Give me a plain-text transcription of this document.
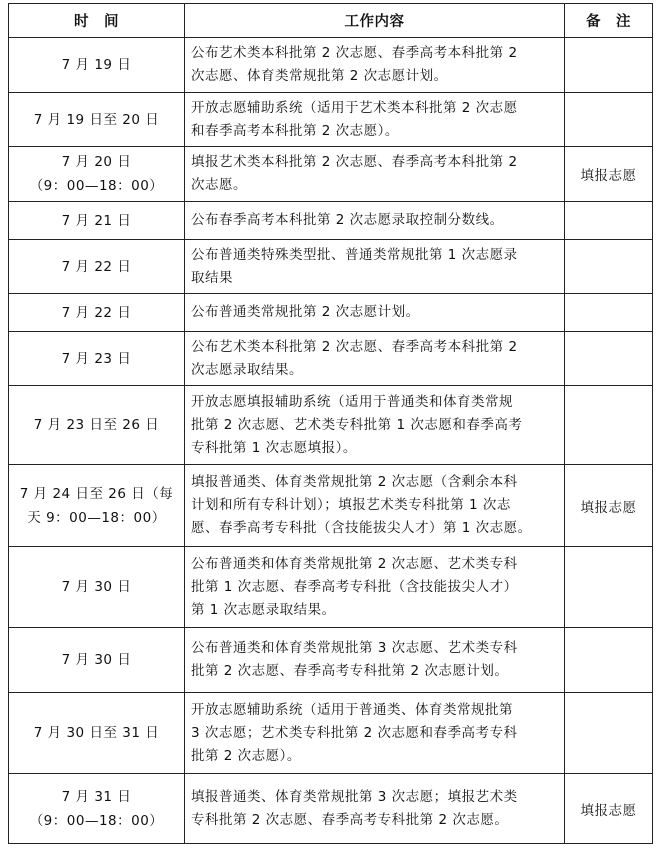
时　间	工作内容	备　注

7 月 19 日	公布艺术类本科批第 2 次志愿、春季高考本科批第 2
次志愿、体育类常规批第 2 次志愿计划。	

7 月 19 日至 20 日	开放志愿辅助系统（适用于艺术类本科批第 2 次志愿
和春季高考本科批第 2 次志愿）。	

7 月 20 日
（9：00—18：00）	填报艺术类本科批第 2 次志愿、春季高考本科批第 2
次志愿。	填报志愿

7 月 21 日	公布春季高考本科批第 2 次志愿录取控制分数线。	

7 月 22 日	公布普通类特殊类型批、普通类常规批第 1 次志愿录
取结果	

7 月 22 日	公布普通类常规批第 2 次志愿计划。	

7 月 23 日	公布艺术类本科批第 2 次志愿、春季高考本科批第 2
次志愿录取结果。	

7 月 23 日至 26 日	开放志愿填报辅助系统（适用于普通类和体育类常规
批第 2 次志愿、艺术类专科批第 1 次志愿和春季高考
专科批第 1 次志愿填报）。	

7 月 24 日至 26 日（每
天 9：00—18：00）	填报普通类、体育类常规批第 2 次志愿（含剩余本科
计划和所有专科计划）；填报艺术类专科批第 1 次志
愿、春季高考专科批（含技能拔尖人才）第 1 次志愿。	填报志愿

7 月 30 日	公布普通类和体育类常规批第 2 次志愿、艺术类专科
批第 1 次志愿、春季高考专科批（含技能拔尖人才）
第 1 次志愿录取结果。	

7 月 30 日	公布普通类和体育类常规批第 3 次志愿、艺术类专科
批第 2 次志愿、春季高考专科批第 2 次志愿计划。	

7 月 30 日至 31 日	开放志愿辅助系统（适用于普通类、体育类常规批第
3 次志愿；艺术类专科批第 2 次志愿和春季高考专科
批第 2 次志愿）。	

7 月 31 日
（9：00—18：00）	填报普通类、体育类常规批第 3 次志愿；填报艺术类
专科批第 2 次志愿、春季高考专科批第 2 次志愿。	填报志愿
